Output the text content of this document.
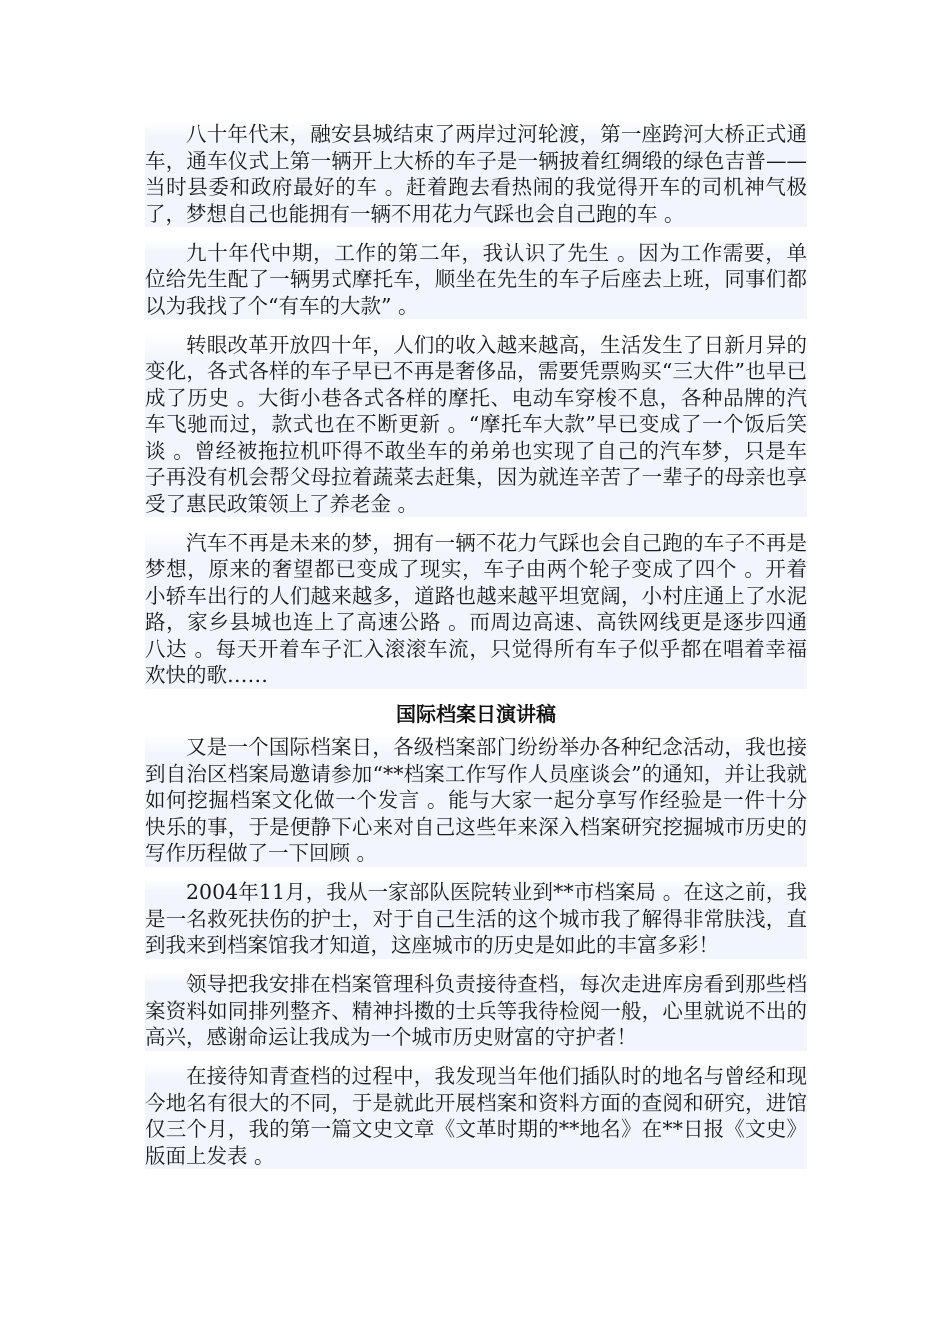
八十年代末，融安县城结束了两岸过河轮渡，第一座跨河大桥正式通车，通车仪式上第一辆开上大桥的车子是一辆披着红绸缎的绿色吉普——当时县委和政府最好的车 。赶着跑去看热闹的我觉得开车的司机神气极了，梦想自己也能拥有一辆不用花力气踩也会自己跑的车 。

九十年代中期，工作的第二年，我认识了先生 。因为工作需要，单位给先生配了一辆男式摩托车，顺坐在先生的车子后座去上班，同事们都以为我找了个“有车的大款” 。

转眼改革开放四十年，人们的收入越来越高，生活发生了日新月异的变化，各式各样的车子早已不再是奢侈品，需要凭票购买“三大件”也早已成了历史 。大街小巷各式各样的摩托、电动车穿梭不息，各种品牌的汽车飞驰而过，款式也在不断更新 。“摩托车大款”早已变成了一个饭后笑谈 。曾经被拖拉机吓得不敢坐车的弟弟也实现了自己的汽车梦，只是车子再没有机会帮父母拉着蔬菜去赶集，因为就连辛苦了一辈子的母亲也享受了惠民政策领上了养老金 。

汽车不再是未来的梦，拥有一辆不花力气踩也会自己跑的车子不再是梦想，原来的奢望都已变成了现实，车子由两个轮子变成了四个 。开着小轿车出行的人们越来越多，道路也越来越平坦宽阔，小村庄通上了水泥路，家乡县城也连上了高速公路 。而周边高速、高铁网线更是逐步四通八达 。每天开着车子汇入滚滚车流，只觉得所有车子似乎都在唱着幸福欢快的歌……

国际档案日演讲稿

又是一个国际档案日，各级档案部门纷纷举办各种纪念活动，我也接到自治区档案局邀请参加“**档案工作写作人员座谈会”的通知，并让我就如何挖掘档案文化做一个发言 。能与大家一起分享写作经验是一件十分快乐的事，于是便静下心来对自己这些年来深入档案研究挖掘城市历史的写作历程做了一下回顾 。

2004年11月，我从一家部队医院转业到**市档案局 。在这之前，我是一名救死扶伤的护士，对于自己生活的这个城市我了解得非常肤浅，直到我来到档案馆我才知道，这座城市的历史是如此的丰富多彩！

领导把我安排在档案管理科负责接待查档，每次走进库房看到那些档案资料如同排列整齐、精神抖擞的士兵等我待检阅一般，心里就说不出的高兴，感谢命运让我成为一个城市历史财富的守护者！

在接待知青查档的过程中，我发现当年他们插队时的地名与曾经和现今地名有很大的不同，于是就此开展档案和资料方面的查阅和研究，进馆仅三个月，我的第一篇文史文章《文革时期的**地名》在**日报《文史》版面上发表 。
